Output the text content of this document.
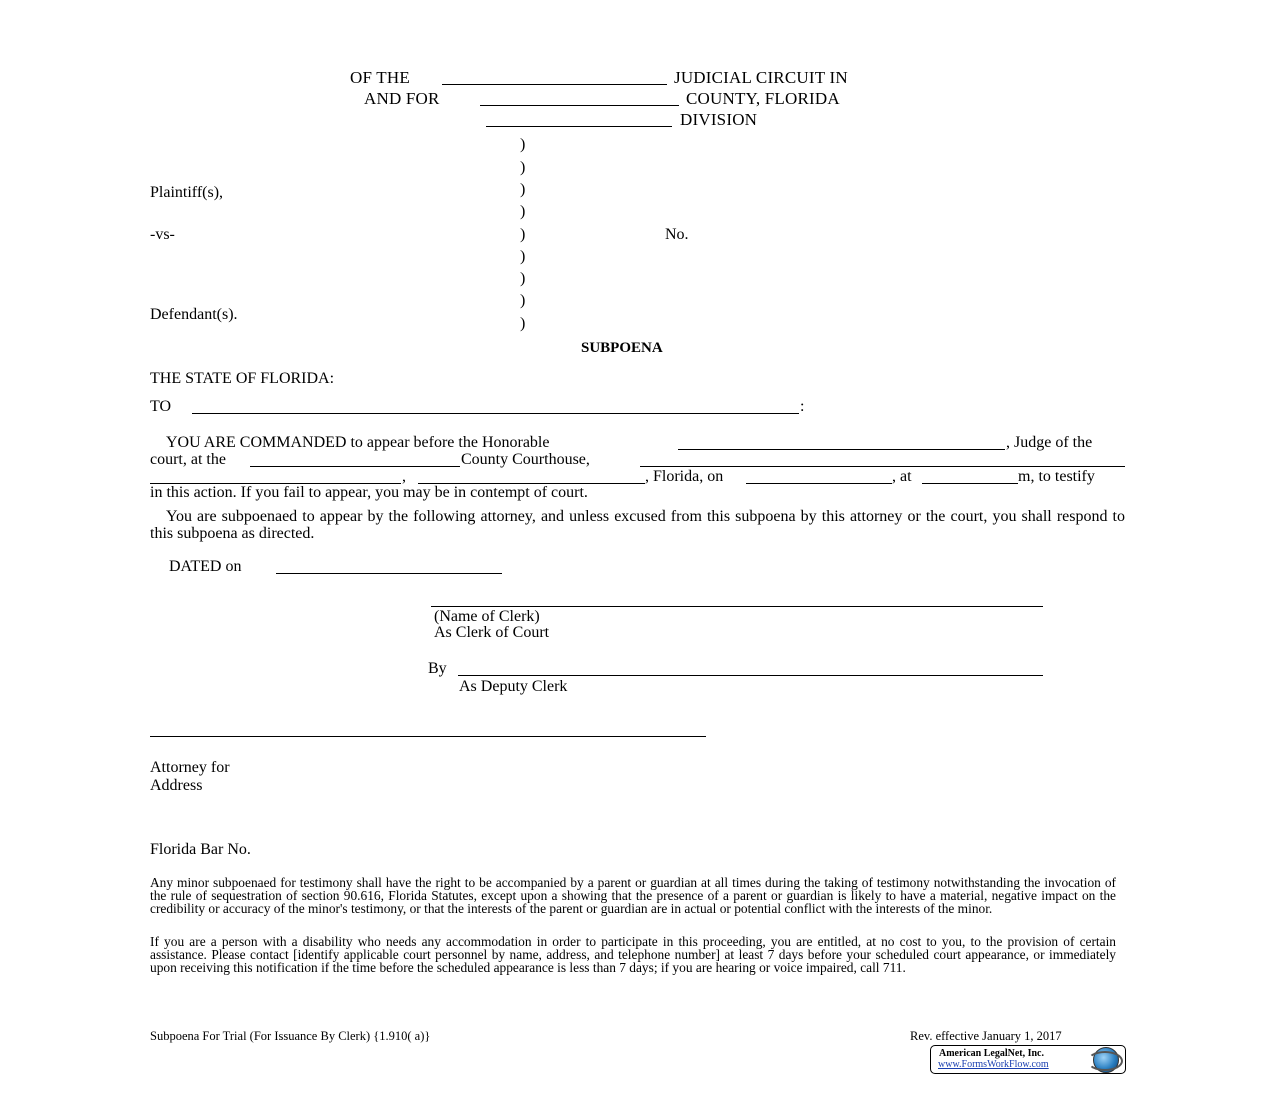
OF THE	JUDICIAL CIRCUIT IN
AND FOR	COUNTY, FLORIDA
DIVISION
)
)
)
)
)
)
)
)
)
Plaintiff(s),
-vs-	No.
Defendant(s).
SUBPOENA
THE STATE OF FLORIDA:
TO	:
YOU ARE COMMANDED to appear before the Honorable	, Judge of the
court, at the	County Courthouse,
,	, Florida, on	, at	m, to testify
in this action. If you fail to appear, you may be in contempt of court.
You are subpoenaed to appear by the following attorney, and unless excused from this subpoena by this attorney or the court, you shall respond to this subpoena as directed.
DATED on
(Name of Clerk)
As Clerk of Court
By
As Deputy Clerk
Attorney for
Address
Florida Bar No.
Any minor subpoenaed for testimony shall have the right to be accompanied by a parent or guardian at all times during the taking of testimony notwithstanding the invocation of the rule of sequestration of section 90.616, Florida Statutes, except upon a showing that the presence of a parent or guardian is likely to have a material, negative impact on the credibility or accuracy of the minor's testimony, or that the interests of the parent or guardian are in actual or potential conflict with the interests of the minor.
If you are a person with a disability who needs any accommodation in order to participate in this proceeding, you are entitled, at no cost to you, to the provision of certain assistance. Please contact [identify applicable court personnel by name, address, and telephone number] at least 7 days before your scheduled court appearance, or immediately upon receiving this notification if the time before the scheduled appearance is less than 7 days; if you are hearing or voice impaired, call 711.
Subpoena For Trial (For Issuance By Clerk) {1.910( a)}	Rev. effective January 1, 2017
American LegalNet, Inc.
www.FormsWorkFlow.com
